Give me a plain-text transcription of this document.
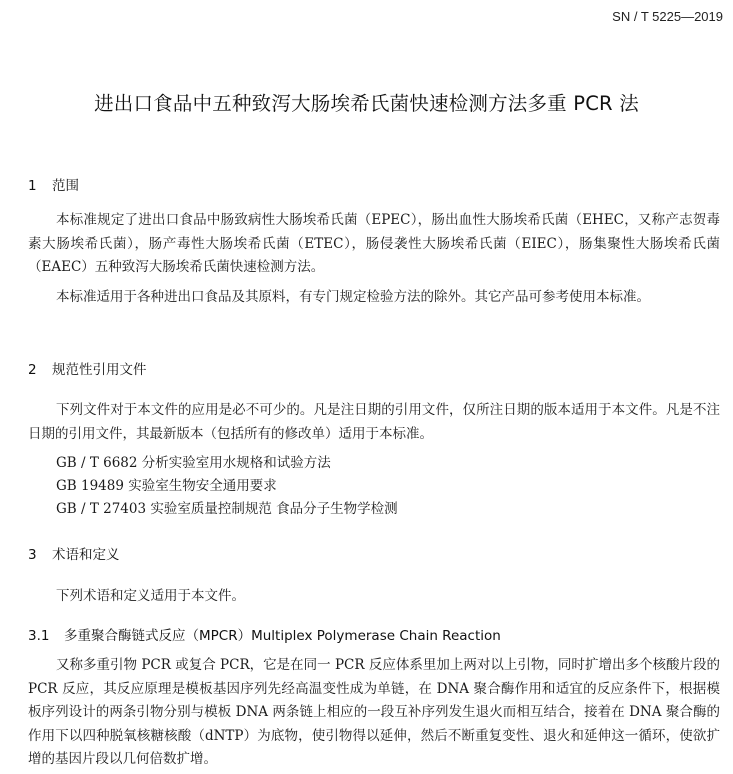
SN / T 5225—2019
进出口食品中五种致泻大肠埃希氏菌快速检测方法多重 PCR 法
1 范围
本标准规定了进出口食品中肠致病性大肠埃希氏菌（EPEC），肠出血性大肠埃希氏菌（EHEC，又称产志贺毒素大肠埃希氏菌），肠产毒性大肠埃希氏菌（ETEC），肠侵袭性大肠埃希氏菌（EIEC），肠集聚性大肠埃希氏菌（EAEC）五种致泻大肠埃希氏菌快速检测方法。
本标准适用于各种进出口食品及其原料，有专门规定检验方法的除外。其它产品可参考使用本标准。
2 规范性引用文件
下列文件对于本文件的应用是必不可少的。凡是注日期的引用文件，仅所注日期的版本适用于本文件。凡是不注日期的引用文件，其最新版本（包括所有的修改单）适用于本标准。
GB / T 6682 分析实验室用水规格和试验方法
GB 19489 实验室生物安全通用要求
GB / T 27403 实验室质量控制规范 食品分子生物学检测
3 术语和定义
下列术语和定义适用于本文件。
3.1 多重聚合酶链式反应（MPCR）Multiplex Polymerase Chain Reaction
又称多重引物 PCR 或复合 PCR，它是在同一 PCR 反应体系里加上两对以上引物，同时扩增出多个核酸片段的 PCR 反应，其反应原理是模板基因序列先经高温变性成为单链，在 DNA 聚合酶作用和适宜的反应条件下，根据模板序列设计的两条引物分别与模板 DNA 两条链上相应的一段互补序列发生退火而相互结合，接着在 DNA 聚合酶的作用下以四种脱氧核糖核酸（dNTP）为底物，使引物得以延伸，然后不断重复变性、退火和延伸这一循环，使欲扩增的基因片段以几何倍数扩增。
